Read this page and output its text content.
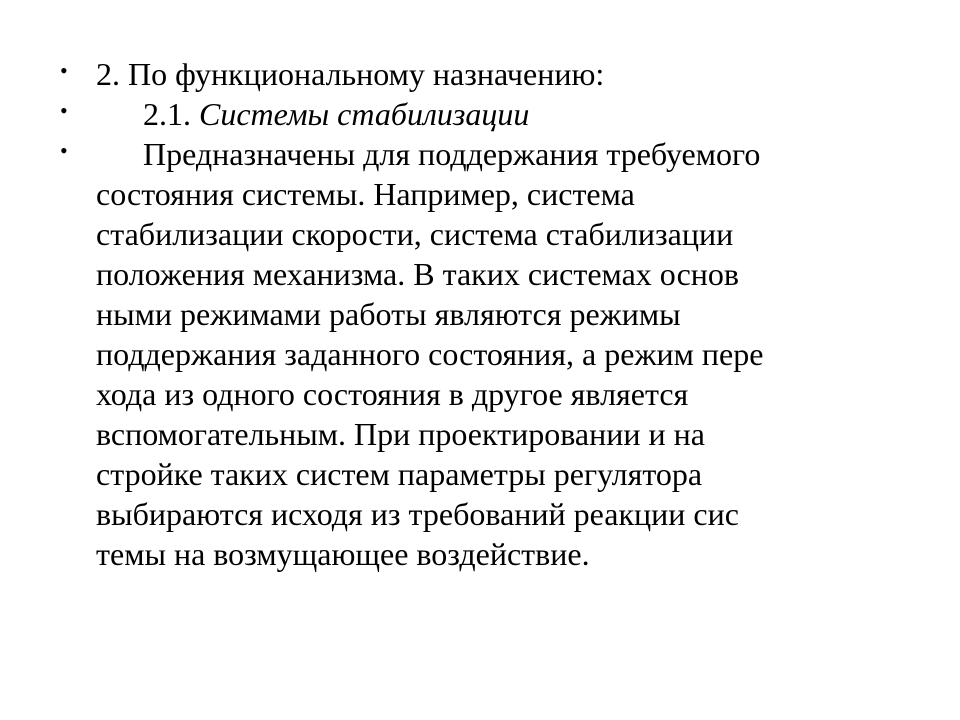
• 2. По функциональному назначению:
•	2.1. Системы стабилизации
•	Предназначены для поддержания требуемого
состояния системы. Например, система
стабилизации скорости, система стабилизации
положения механизма. В таких системах основ
ными режимами работы являются режимы
поддержания заданного состояния, а режим пере
хода из одного состояния в другое является
вспомогательным. При проектировании и на
стройке таких систем параметры регулятора
выбираются исходя из требований реакции сис
темы на возмущающее воздействие.
